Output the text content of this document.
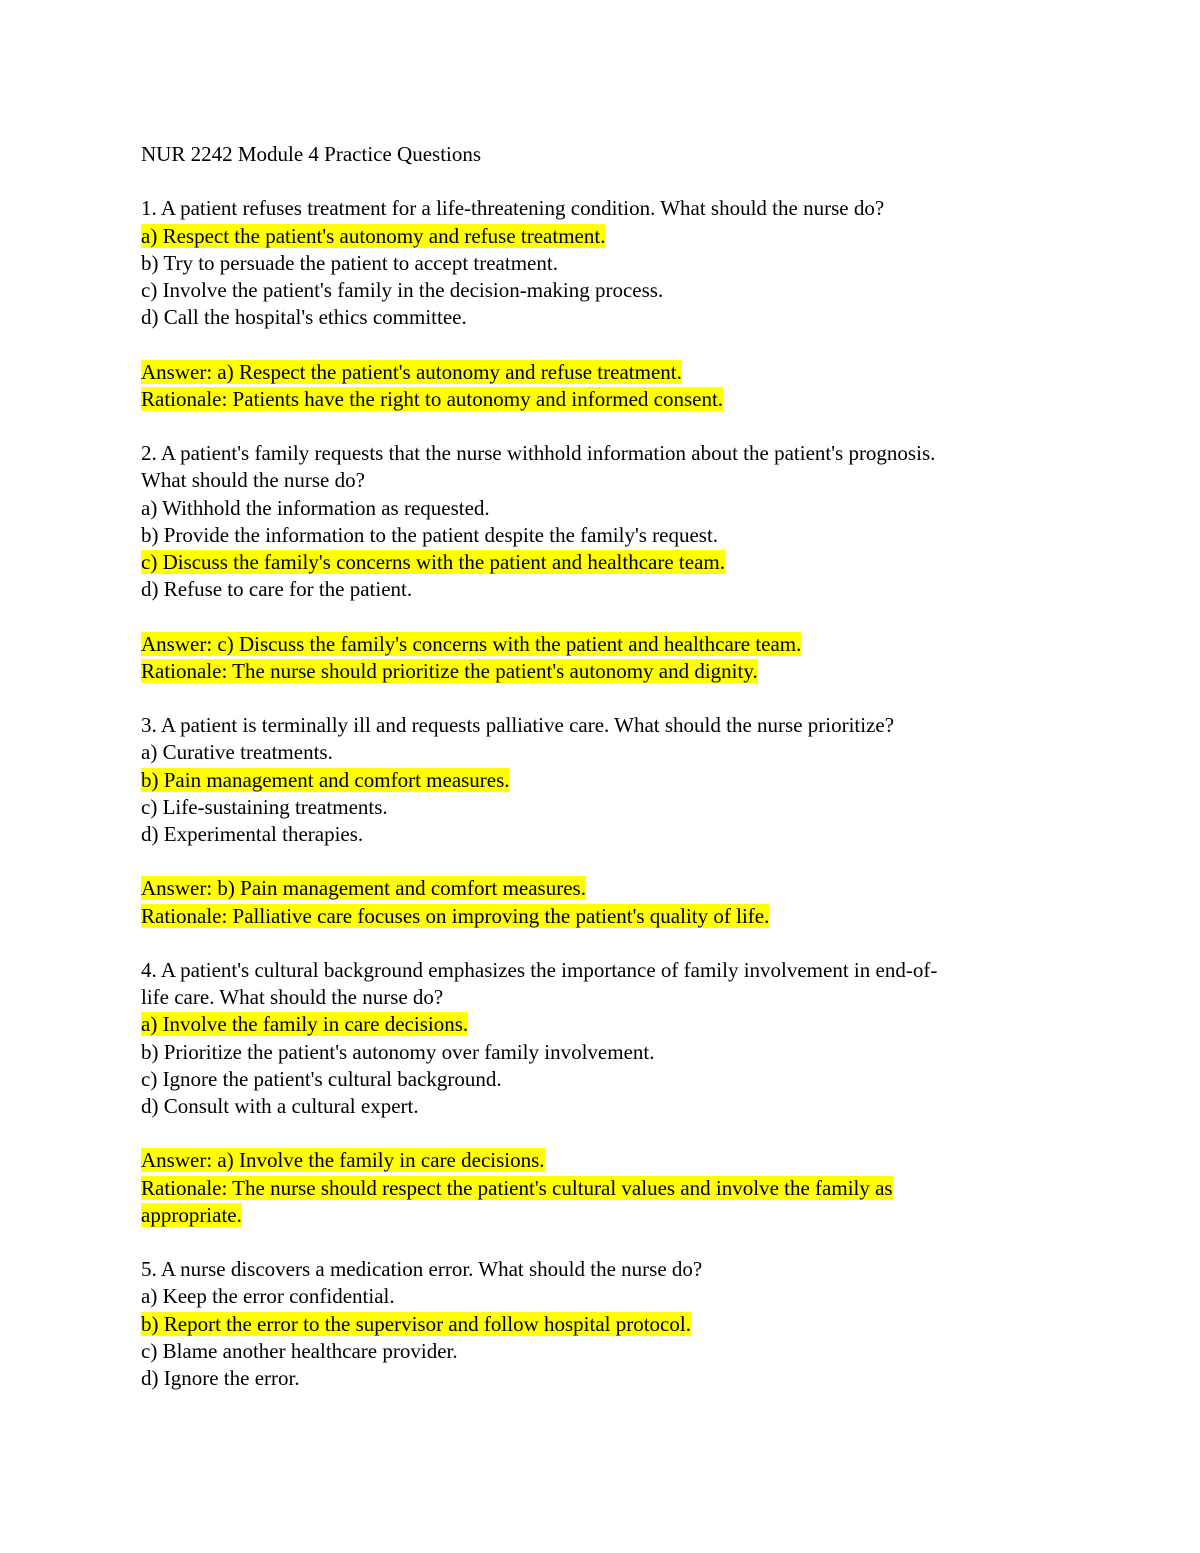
NUR 2242 Module 4 Practice Questions
1. A patient refuses treatment for a life-threatening condition. What should the nurse do?
a) Respect the patient's autonomy and refuse treatment.
b) Try to persuade the patient to accept treatment.
c) Involve the patient's family in the decision-making process.
d) Call the hospital's ethics committee.
Answer: a) Respect the patient's autonomy and refuse treatment.
Rationale: Patients have the right to autonomy and informed consent.
2. A patient's family requests that the nurse withhold information about the patient's prognosis.
What should the nurse do?
a) Withhold the information as requested.
b) Provide the information to the patient despite the family's request.
c) Discuss the family's concerns with the patient and healthcare team.
d) Refuse to care for the patient.
Answer: c) Discuss the family's concerns with the patient and healthcare team.
Rationale: The nurse should prioritize the patient's autonomy and dignity.
3. A patient is terminally ill and requests palliative care. What should the nurse prioritize?
a) Curative treatments.
b) Pain management and comfort measures.
c) Life-sustaining treatments.
d) Experimental therapies.
Answer: b) Pain management and comfort measures.
Rationale: Palliative care focuses on improving the patient's quality of life.
4. A patient's cultural background emphasizes the importance of family involvement in end-of-
life care. What should the nurse do?
a) Involve the family in care decisions.
b) Prioritize the patient's autonomy over family involvement.
c) Ignore the patient's cultural background.
d) Consult with a cultural expert.
Answer: a) Involve the family in care decisions.
Rationale: The nurse should respect the patient's cultural values and involve the family as
appropriate.
5. A nurse discovers a medication error. What should the nurse do?
a) Keep the error confidential.
b) Report the error to the supervisor and follow hospital protocol.
c) Blame another healthcare provider.
d) Ignore the error.
